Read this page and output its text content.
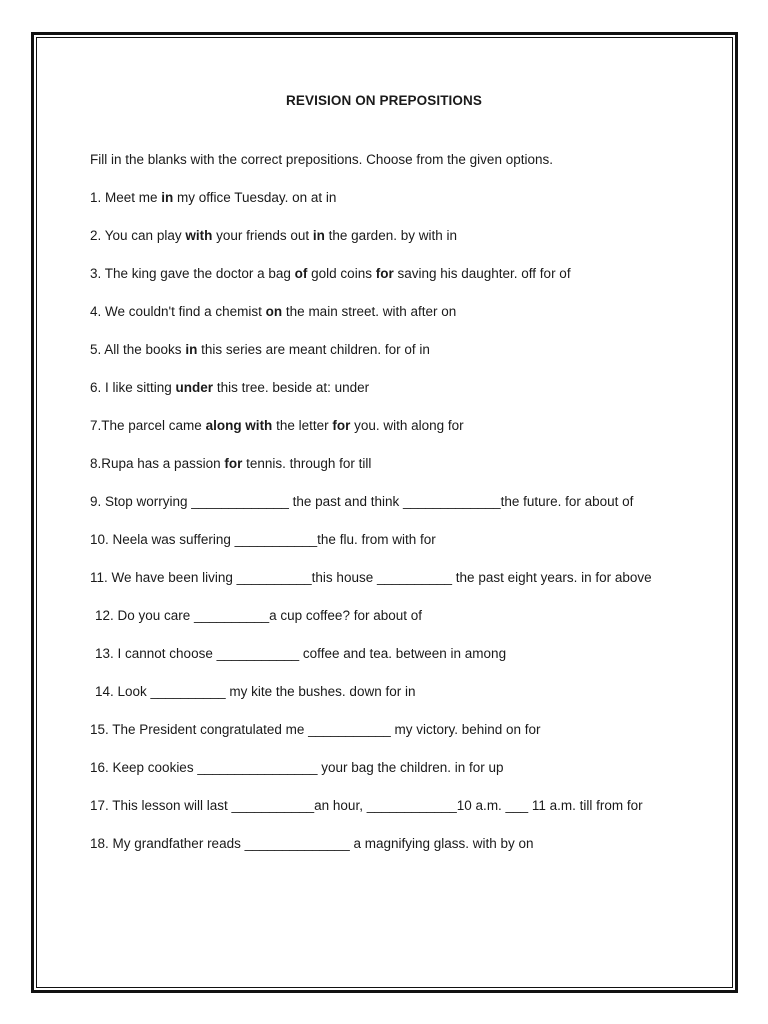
REVISION ON PREPOSITIONS
Fill in the blanks with the correct prepositions. Choose from the given options.
1. Meet me in my office Tuesday. on at in
2. You can play with your friends out in the garden. by with in
3. The king gave the doctor a bag of gold coins for saving his daughter. off for of
4. We couldn't find a chemist on the main street. with after on
5. All the books in this series are meant children. for of in
6. I like sitting under this tree. beside at: under
7.The parcel came along with the letter for you. with along for
8.Rupa has a passion for tennis. through for till
9. Stop worrying _____________ the past and think _____________the future. for about of
10. Neela was suffering ___________the flu. from with for
11. We have been living __________this house __________ the past eight years. in for above
12. Do you care __________a cup coffee? for about of
13. I cannot choose ___________ coffee and tea. between in among
14. Look __________ my kite the bushes. down for in
15. The President congratulated me ___________ my victory. behind on for
16. Keep cookies ________________ your bag the children. in for up
17. This lesson will last ___________an hour, ____________10 a.m. ___ 11 a.m. till from for
18. My grandfather reads ______________ a magnifying glass. with by on
